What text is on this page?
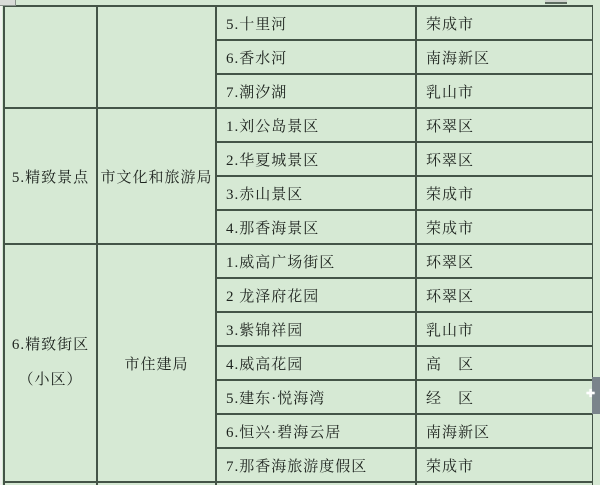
		5.十里河	荣成市
		6.香水河	南海新区
		7.潮汐湖	乳山市
5.精致景点	市文化和旅游局	1.刘公岛景区	环翠区
		2.华夏城景区	环翠区
		3.赤山景区	荣成市
		4.那香海景区	荣成市

6.精致街区
（小区）	市住建局	1.威高广场街区	环翠区
		2 龙泽府花园	环翠区
		3.紫锦祥园	乳山市
		4.威高花园	高　区
		5.建东·悦海湾	经　区
		6.恒兴·碧海云居	南海新区
		7.那香海旅游度假区	荣成市

✚
